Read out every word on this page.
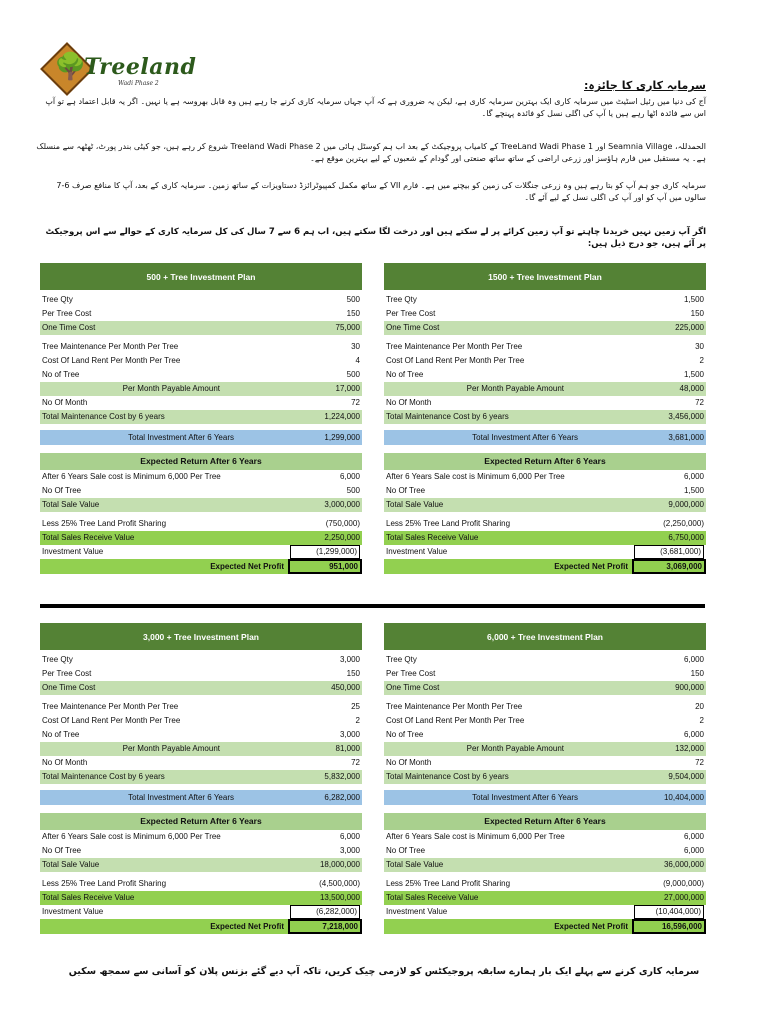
🌳
Treeland
Wadi Phase 2	سرمایہ کاری کا جائزہ:
آج کی دنیا میں رئیل اسٹیٹ میں سرمایہ کاری ایک بہترین سرمایہ کاری ہے، لیکن یہ ضروری ہے کہ آپ جہاں سرمایہ کاری کرنے جا رہے ہیں وہ قابل بھروسہ ہے یا نہیں۔ اگر یہ قابل اعتماد ہے تو آپ اس سے فائدہ اٹھا رہے ہیں یا آپ کی اگلی نسل کو فائدہ پہنچے گا۔
الحمدللہ، Seamnia Village اور TreeLand Wadi Phase 1 کے کامیاب پروجیکٹ کے بعد اب ہم کوسٹل ہائی میں Treeland Wadi Phase 2 شروع کر رہے ہیں، جو کیٹی بندر پورٹ، ٹھٹھہ سے منسلک ہے۔ یہ مستقبل میں فارم ہاؤسز اور زرعی اراضی کے ساتھ ساتھ صنعتی اور گودام کے شعبوں کے لیے بہترین موقع ہے۔
سرمایہ کاری جو ہم آپ کو بتا رہے ہیں وہ زرعی جنگلات کی زمین کو بیچنے میں ہے۔ فارم VII کے ساتھ مکمل کمپیوٹرائزڈ دستاویزات کے ساتھ زمین۔ سرمایہ کاری کے بعد، آپ کا منافع صرف 6-7 سالوں میں آپ کو اور آپ کی اگلی نسل کے لیے آئے گا۔
اگر آپ زمین نہیں خریدنا چاہتے تو آپ زمین کرائے پر لے سکتے ہیں اور درخت لگا سکتے ہیں، اب ہم 6 سے 7 سال کی کل سرمایہ کاری کے حوالے سے اس پروجیکٹ پر آئے ہیں، جو درج ذیل ہیں:
500 + Tree Investment Plan
Tree Qty	500
Per Tree Cost	150
One Time Cost	75,000
Tree Maintenance Per Month Per Tree	30
Cost Of Land Rent Per Month Per Tree	4
No of Tree	500
Per Month Payable Amount	17,000
No Of Month	72
Total Maintenance Cost by 6 years	1,224,000
Total Investment After 6 Years	1,299,000
Expected Return After 6 Years
After 6 Years Sale cost is Minimum 6,000 Per Tree	6,000
No Of Tree	500
Total Sale Value	3,000,000
Less 25% Tree Land Profit Sharing	(750,000)
Total Sales Receive Value	2,250,000
Investment Value	(1,299,000)
Expected Net Profit	951,000
1500 + Tree Investment Plan
Tree Qty	1,500
Per Tree Cost	150
One Time Cost	225,000
Tree Maintenance Per Month Per Tree	30
Cost Of Land Rent Per Month Per Tree	2
No of Tree	1,500
Per Month Payable Amount	48,000
No Of Month	72
Total Maintenance Cost by 6 years	3,456,000
Total Investment After 6 Years	3,681,000
Expected Return After 6 Years
After 6 Years Sale cost is Minimum 6,000 Per Tree	6,000
No Of Tree	1,500
Total Sale Value	9,000,000
Less 25% Tree Land Profit Sharing	(2,250,000)
Total Sales Receive Value	6,750,000
Investment Value	(3,681,000)
Expected Net Profit	3,069,000
3,000 + Tree Investment Plan
Tree Qty	3,000
Per Tree Cost	150
One Time Cost	450,000
Tree Maintenance Per Month Per Tree	25
Cost Of Land Rent Per Month Per Tree	2
No of Tree	3,000
Per Month Payable Amount	81,000
No Of Month	72
Total Maintenance Cost by 6 years	5,832,000
Total Investment After 6 Years	6,282,000
Expected Return After 6 Years
After 6 Years Sale cost is Minimum 6,000 Per Tree	6,000
No Of Tree	3,000
Total Sale Value	18,000,000
Less 25% Tree Land Profit Sharing	(4,500,000)
Total Sales Receive Value	13,500,000
Investment Value	(6,282,000)
Expected Net Profit	7,218,000
6,000 + Tree Investment Plan
Tree Qty	6,000
Per Tree Cost	150
One Time Cost	900,000
Tree Maintenance Per Month Per Tree	20
Cost Of Land Rent Per Month Per Tree	2
No of Tree	6,000
Per Month Payable Amount	132,000
No Of Month	72
Total Maintenance Cost by 6 years	9,504,000
Total Investment After 6 Years	10,404,000
Expected Return After 6 Years
After 6 Years Sale cost is Minimum 6,000 Per Tree	6,000
No Of Tree	6,000
Total Sale Value	36,000,000
Less 25% Tree Land Profit Sharing	(9,000,000)
Total Sales Receive Value	27,000,000
Investment Value	(10,404,000)
Expected Net Profit	16,596,000
سرمایہ کاری کرنے سے پہلے ایک بار ہمارے سابقہ پروجیکٹس کو لازمی چیک کریں، تاکہ آپ دیے گئے بزنس پلان کو آسانی سے سمجھ سکیں
